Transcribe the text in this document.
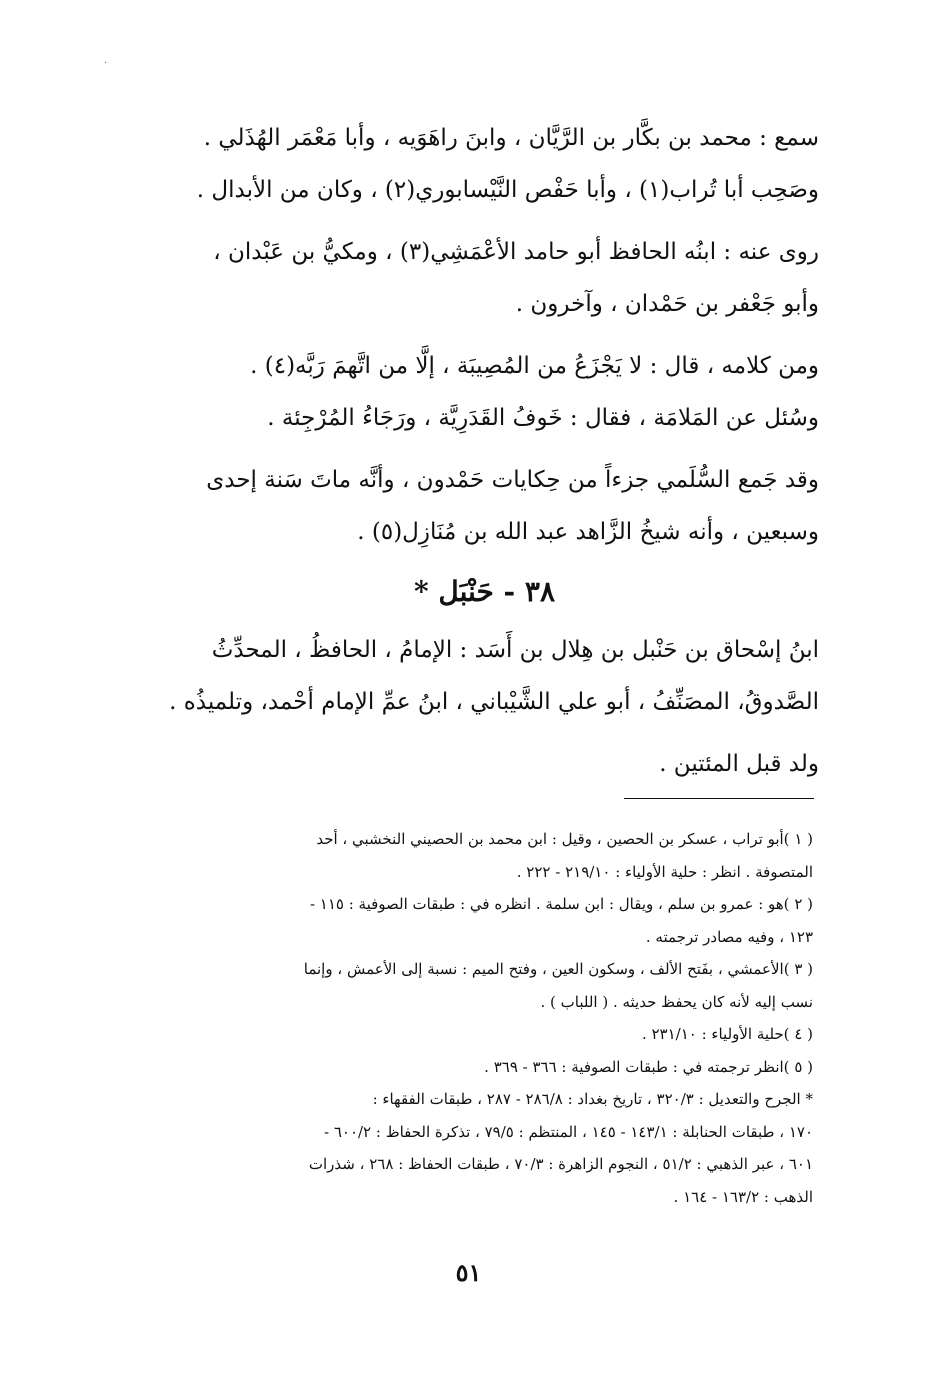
·
سمع : محمد بن بكَّار بن الرَّيَّان ، وابنَ راهَوَيه ، وأبا مَعْمَر الهُذَلي .
وصَحِب أبا تُراب(١) ، وأبا حَفْص النَّيْسابوري(٢) ، وكان من الأبدال .
روى عنه : ابنُه الحافظ أبو حامد الأعْمَشِي(٣) ، ومكيُّ بن عَبْدان ،
وأبو جَعْفر بن حَمْدان ، وآخرون .
ومن كلامه ، قال : لا يَجْزَعُ من المُصِيبَة ، إلَّا من اتَّهمَ رَبَّه(٤) .
وسُئل عن المَلامَة ، فقال : خَوفُ القَدَرِيَّة ، ورَجَاءُ المُرْجِئة .
وقد جَمع السُّلَمي جزءاً من حِكايات حَمْدون ، وأنَّه ماتَ سَنة إحدى
وسبعين ، وأنه شيخُ الزَّاهد عبد الله بن مُنَازِل(٥) .
٣٨ - حَنْبَل *
ابنُ إسْحاق بن حَنْبل بن هِلال بن أَسَد : الإمامُ ، الحافظُ ، المحدِّثُ
الصَّدوقُ، المصَنِّفُ ، أبو علي الشَّيْباني ، ابنُ عمِّ الإمام أحْمد، وتلميذُه .
ولد قبل المئتين .
( ١ )أبو تراب ، عسكر بن الحصين ، وقيل : ابن محمد بن الحصيني النخشبي ، أحد
المتصوفة . انظر : حلية الأولياء : ٢١٩/١٠ - ٢٢٢ .
( ٢ )هو : عمرو بن سلم ، ويقال : ابن سلمة . انظره في : طبقات الصوفية : ١١٥ -
١٢٣ ، وفيه مصادر ترجمته .
( ٣ )الأعمشي ، بفَتح الألف ، وسكون العين ، وفتح الميم : نسبة إلى الأعمش ، وإنما
نسب إليه لأنه كان يحفظ حديثه . ( اللباب ) .
( ٤ )حلية الأولياء : ٢٣١/١٠ .
( ٥ )انظر ترجمته في : طبقات الصوفية : ٣٦٦ - ٣٦٩ .
* الجرح والتعديل : ٣٢٠/٣ ، تاريخ بغداد : ٢٨٦/٨ - ٢٨٧ ، طبقات الفقهاء :
١٧٠ ، طبقات الحنابلة : ١٤٣/١ - ١٤٥ ، المنتظم : ٧٩/٥ ، تذكرة الحفاظ : ٦٠٠/٢ -
٦٠١ ، عبر الذهبي : ٥١/٢ ، النجوم الزاهرة : ٧٠/٣ ، طبقات الحفاظ : ٢٦٨ ، شذرات
الذهب : ١٦٣/٢ - ١٦٤ .
٥١
